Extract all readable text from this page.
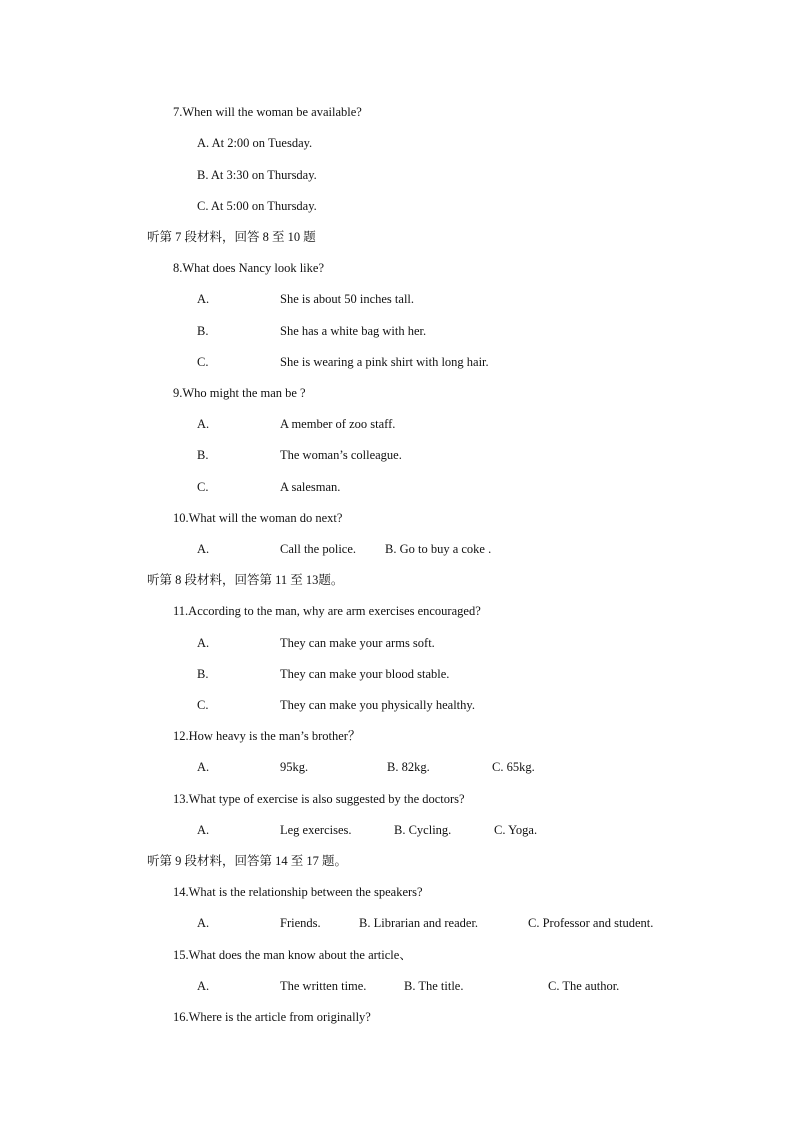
7.When will the woman be available?
A. At 2:00 on Tuesday.
B. At 3:30 on Thursday.
C. At 5:00 on Thursday.
听第 7 段材料，回答 8 至 10 题
8.What does Nancy look like?
A.	She is about 50 inches tall.
B.	She has a white bag with her.
C.	She is wearing a pink shirt with long hair.
9.Who might the man be ?
A.	A member of zoo staff.
B.	The woman’s colleague.
C.	A salesman.
10.What will the woman do next?
A.	Call the police. B. Go to buy a coke .
听第 8 段材料，回答第 11 至 13题。
11.According to the man, why are arm exercises encouraged?
A.	They can make your arms soft.
B.	They can make your blood stable.
C.	They can make you physically healthy.
12.How heavy is the man’s brother？
A.	95kg.	B. 82kg.	C. 65kg.
13.What type of exercise is also suggested by the doctors?
A.	Leg exercises.	B. Cycling.	C. Yoga.
听第 9 段材料，回答第 14 至 17 题。
14.What is the relationship between the speakers?
A.	Friends.	B. Librarian and reader.	C. Professor and student.
15.What does the man know about the article、
A.	The written time.	B. The title.	C. The author.
16.Where is the article from originally?
